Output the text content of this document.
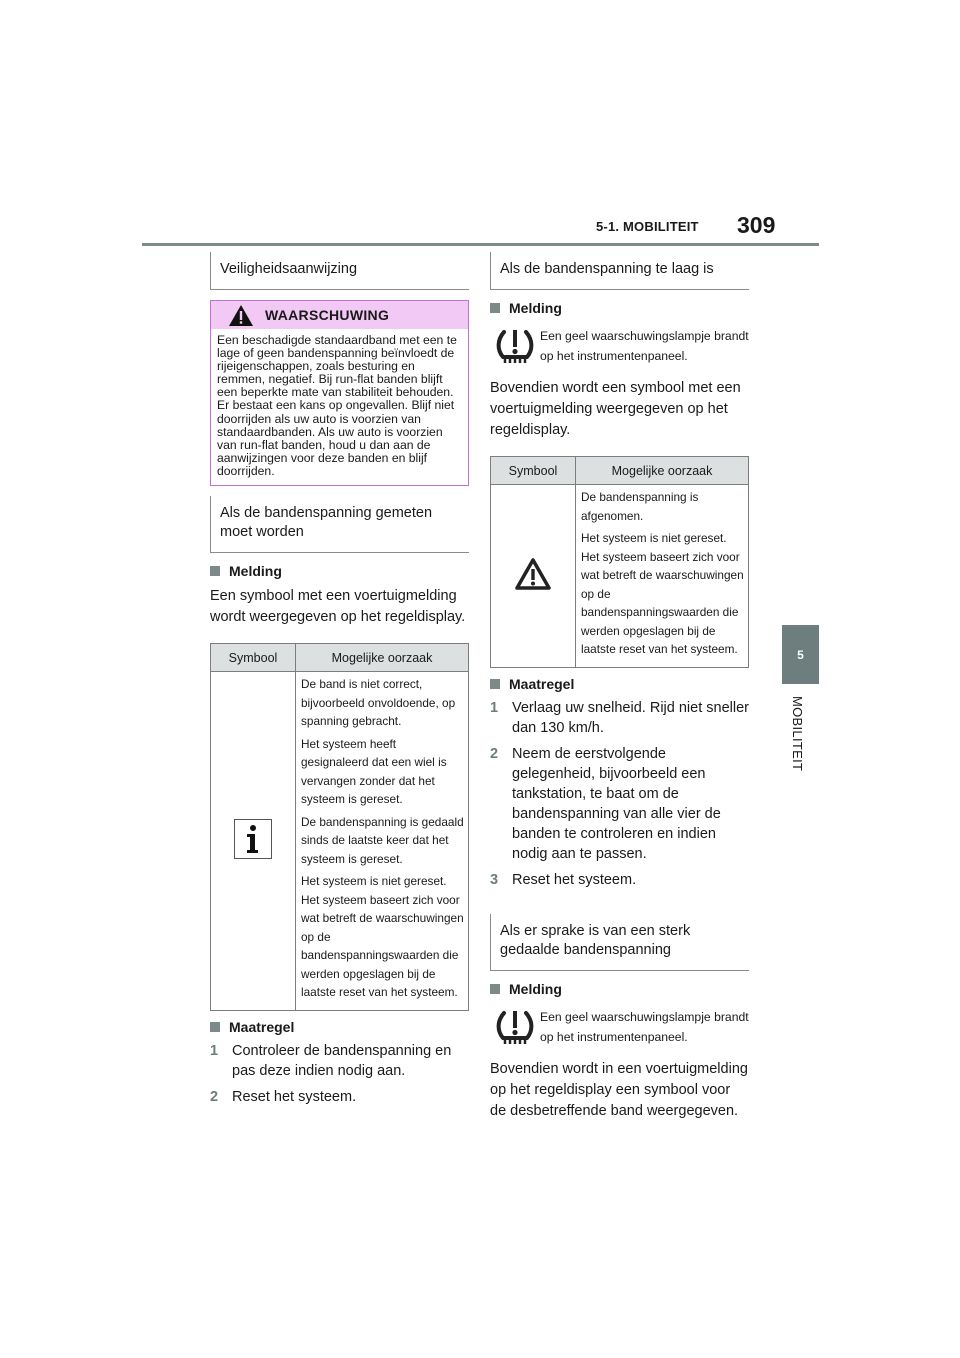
5-1. MOBILITEIT 309
5
MOBILITEIT
Veiligheidsaanwijzing
WAARSCHUWING
Een beschadigde standaardband met een te lage of geen bandenspanning beïnvloedt de rijeigenschappen, zoals besturing en remmen, negatief. Bij run-flat banden blijft een beperkte mate van stabiliteit behouden. Er bestaat een kans op ongevallen. Blijf niet doorrijden als uw auto is voorzien van standaardbanden. Als uw auto is voorzien van run-flat banden, houd u dan aan de aanwijzingen voor deze banden en blijf doorrijden.
Als de bandenspanning gemeten moet worden
Melding
Een symbool met een voertuigmelding wordt weergegeven op het regeldisplay.
Symbool	Mogelijke oorzaak

De band is niet correct, bijvoorbeeld onvoldoende, op spanning gebracht.
Het systeem heeft gesignaleerd dat een wiel is vervangen zonder dat het systeem is gereset.
De bandenspanning is gedaald sinds de laatste keer dat het systeem is gereset.
Het systeem is niet gereset. Het systeem baseert zich voor wat betreft de waarschuwingen op de bandenspanningswaarden die werden opgeslagen bij de laatste reset van het systeem.
Maatregel
1 Controleer de bandenspanning en pas deze indien nodig aan.
2 Reset het systeem.
Als de bandenspanning te laag is
Melding
Een geel waarschuwingslampje brandt op het instrumentenpaneel.
Bovendien wordt een symbool met een voertuigmelding weergegeven op het regeldisplay.
Symbool	Mogelijke oorzaak

De bandenspanning is afgenomen.
Het systeem is niet gereset. Het systeem baseert zich voor wat betreft de waarschuwingen op de bandenspanningswaarden die werden opgeslagen bij de laatste reset van het systeem.
Maatregel
1 Verlaag uw snelheid. Rijd niet sneller dan 130 km/h.
2 Neem de eerstvolgende gelegenheid, bijvoorbeeld een tankstation, te baat om de bandenspanning van alle vier de banden te controleren en indien nodig aan te passen.
3 Reset het systeem.
Als er sprake is van een sterk gedaalde bandenspanning
Melding
Een geel waarschuwingslampje brandt op het instrumentenpaneel.
Bovendien wordt in een voertuigmelding op het regeldisplay een symbool voor de desbetreffende band weergegeven.
